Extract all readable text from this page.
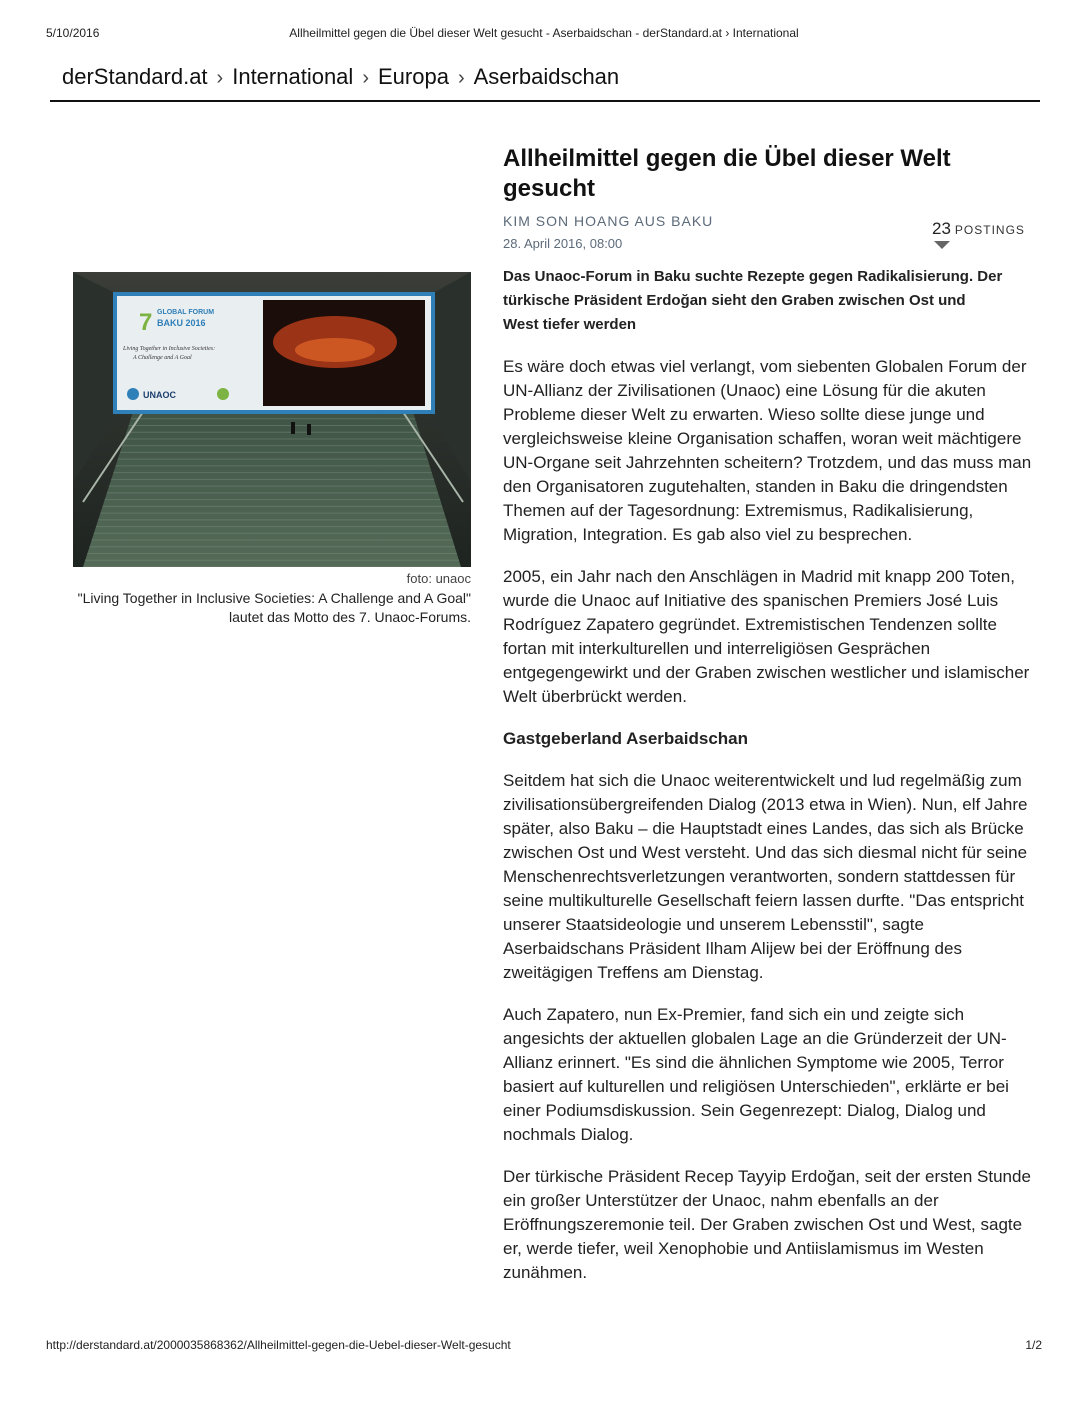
5/10/2016	Allheilmittel gegen die Übel dieser Welt gesucht - Aserbaidschan - derStandard.at › International
derStandard.at › International › Europa › Aserbaidschan
Allheilmittel gegen die Übel dieser Welt gesucht
KIM SON HOANG AUS BAKU
28. April 2016, 08:00
23 POSTINGS

Das Unaoc-Forum in Baku suchte Rezepte gegen Radikalisierung. Der türkische Präsident Erdoğan sieht den Graben zwischen Ost und West tiefer werden

Es wäre doch etwas viel verlangt, vom siebenten Globalen Forum der UN-Allianz der Zivilisationen (Unaoc) eine Lösung für die akuten Probleme dieser Welt zu erwarten. Wieso sollte diese junge und vergleichsweise kleine Organisation schaffen, woran weit mächtigere UN-Organe seit Jahrzehnten scheitern? Trotzdem, und das muss man den Organisatoren zugutehalten, standen in Baku die dringendsten Themen auf der Tagesordnung: Extremismus, Radikalisierung, Migration, Integration. Es gab also viel zu besprechen.

2005, ein Jahr nach den Anschlägen in Madrid mit knapp 200 Toten, wurde die Unaoc auf Initiative des spanischen Premiers José Luis Rodríguez Zapatero gegründet. Extremistischen Tendenzen sollte fortan mit interkulturellen und interreligiösen Gesprächen entgegengewirkt und der Graben zwischen westlicher und islamischer Welt überbrückt werden.

Gastgeberland Aserbaidschan

Seitdem hat sich die Unaoc weiterentwickelt und lud regelmäßig zum zivilisationsübergreifenden Dialog (2013 etwa in Wien). Nun, elf Jahre später, also Baku – die Hauptstadt eines Landes, das sich als Brücke zwischen Ost und West versteht. Und das sich diesmal nicht für seine Menschenrechtsverletzungen verantworten, sondern stattdessen für seine multikulturelle Gesellschaft feiern lassen durfte. "Das entspricht unserer Staatsideologie und unserem Lebensstil", sagte Aserbaidschans Präsident Ilham Alijew bei der Eröffnung des zweitägigen Treffens am Dienstag.

Auch Zapatero, nun Ex-Premier, fand sich ein und zeigte sich angesichts der aktuellen globalen Lage an die Gründerzeit der UN-Allianz erinnert. "Es sind die ähnlichen Symptome wie 2005, Terror basiert auf kulturellen und religiösen Unterschieden", erklärte er bei einer Podiumsdiskussion. Sein Gegenrezept: Dialog, Dialog und nochmals Dialog.

Der türkische Präsident Recep Tayyip Erdoğan, seit der ersten Stunde ein großer Unterstützer der Unaoc, nahm ebenfalls an der Eröffnungszeremonie teil. Der Graben zwischen Ost und West, sagte er, werde tiefer, weil Xenophobie und Antiislamismus im Westen zunähmen.

7 GLOBAL FORUM
BAKU 2016
Living Together in Inclusive Societies:
A Challenge and A Goal
UNAOC
foto: unaoc
"Living Together in Inclusive Societies: A Challenge and A Goal" lautet das Motto des 7. Unaoc-Forums.
http://derstandard.at/2000035868362/Allheilmittel-gegen-die-Uebel-dieser-Welt-gesucht	1/2
